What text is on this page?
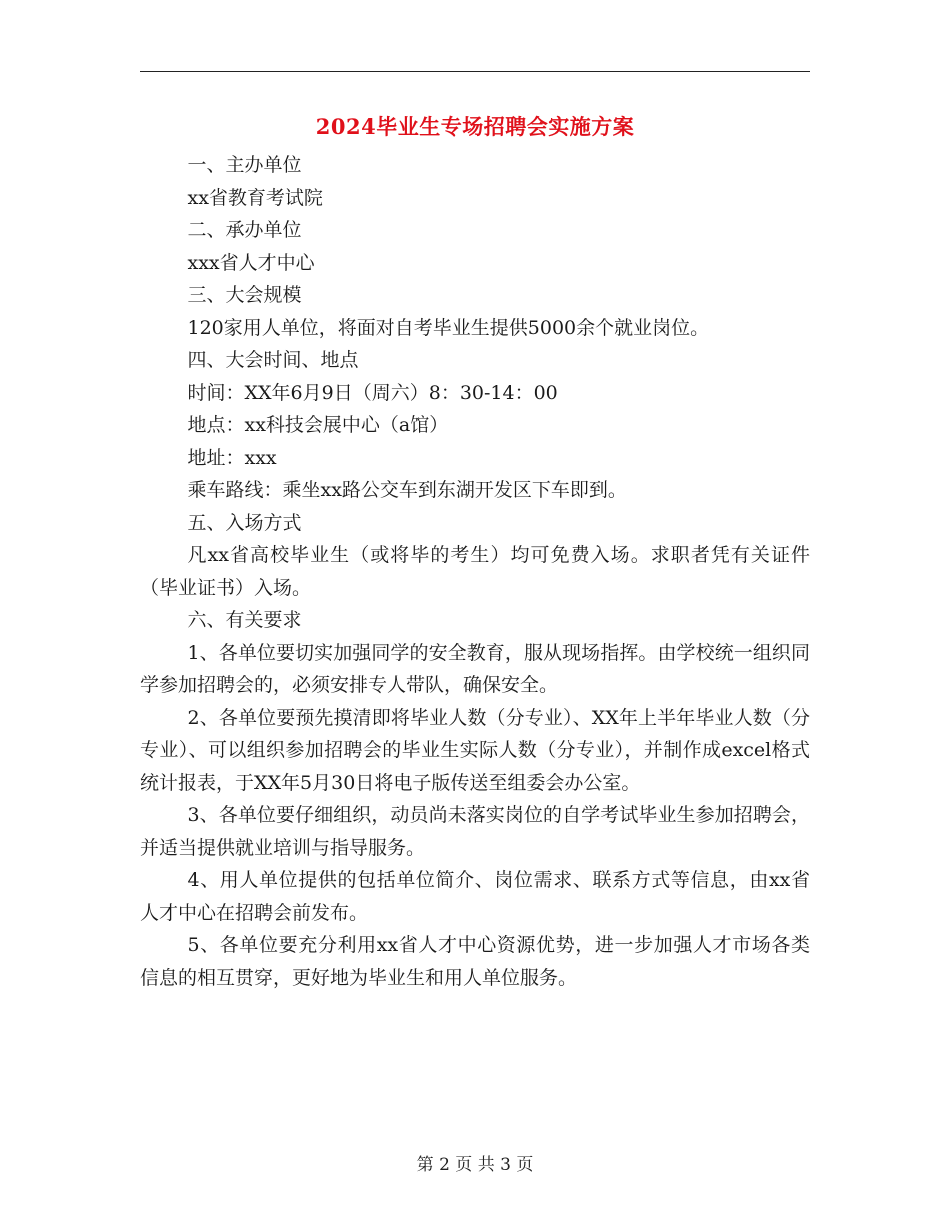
2024毕业生专场招聘会实施方案

一、主办单位

xx省教育考试院

二、承办单位

xxx省人才中心

三、大会规模

120家用人单位，将面对自考毕业生提供5000余个就业岗位。

四、大会时间、地点

时间：XX年6月9日（周六）8：30-14：00

地点：xx科技会展中心（a馆）

地址：xxx

乘车路线：乘坐xx路公交车到东湖开发区下车即到。

五、入场方式

凡xx省高校毕业生（或将毕的考生）均可免费入场。求职者凭有关证件（毕业证书）入场。

六、有关要求

1、各单位要切实加强同学的安全教育，服从现场指挥。由学校统一组织同学参加招聘会的，必须安排专人带队，确保安全。

2、各单位要预先摸清即将毕业人数（分专业）、XX年上半年毕业人数（分专业）、可以组织参加招聘会的毕业生实际人数（分专业），并制作成excel格式统计报表，于XX年5月30日将电子版传送至组委会办公室。

3、各单位要仔细组织，动员尚未落实岗位的自学考试毕业生参加招聘会，并适当提供就业培训与指导服务。

4、用人单位提供的包括单位简介、岗位需求、联系方式等信息，由xx省人才中心在招聘会前发布。

5、各单位要充分利用xx省人才中心资源优势，进一步加强人才市场各类信息的相互贯穿，更好地为毕业生和用人单位服务。

第 2 页 共 3 页
